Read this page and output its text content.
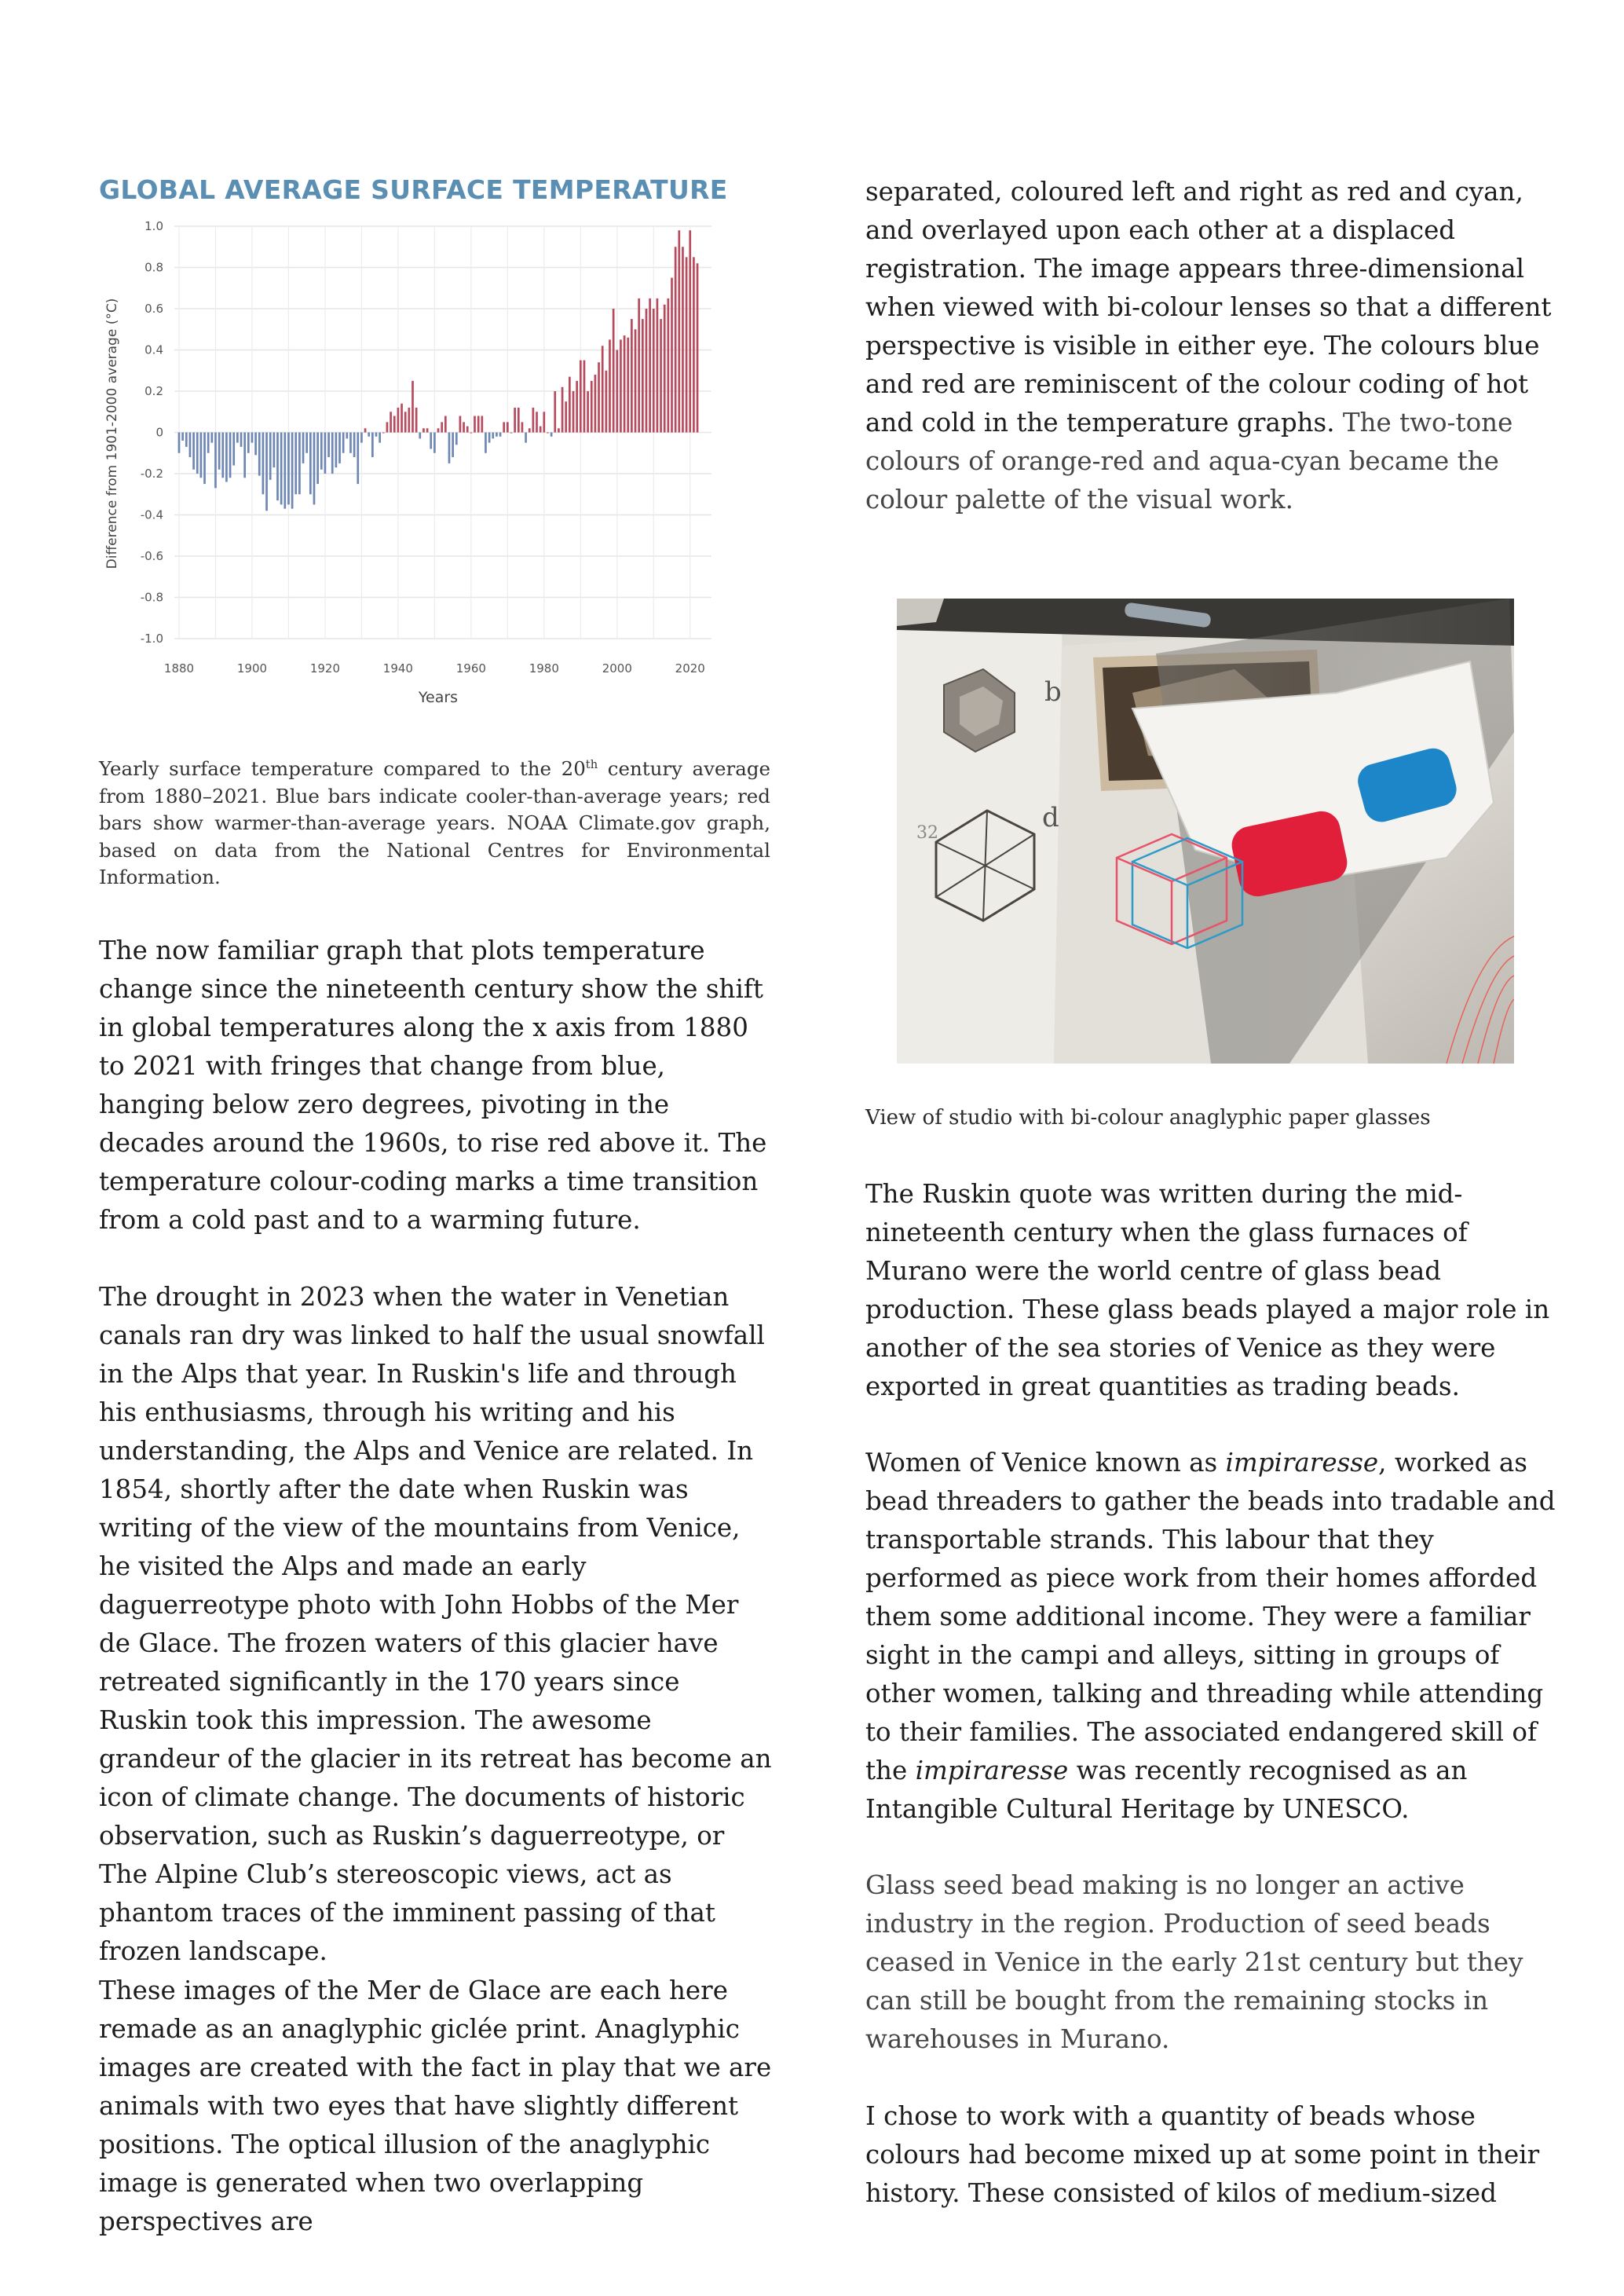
GLOBAL AVERAGE SURFACE TEMPERATURE
1.0
0.8
0.6
0.4
0.2
0
-0.2
-0.4
-0.6
-0.8
-1.0
1880	1900	1920	1940	1960	1980	2000	2020
Difference from 1901-2000 average (°C)
Years

Yearly surface temperature compared to the 20th century average from 1880–2021. Blue bars indicate cooler-than-average years; red bars show warmer-than-average years. NOAA Climate.gov graph, based on data from the National Centres for Environmental Information.

The now familiar graph that plots temperature change since the nineteenth century show the shift in global temperatures along the x axis from 1880 to 2021 with fringes that change from blue, hanging below zero degrees, pivoting in the decades around the 1960s, to rise red above it. The temperature colour-coding marks a time transition from a cold past and to a warming future.

The drought in 2023 when the water in Venetian canals ran dry was linked to half the usual snowfall in the Alps that year. In Ruskin's life and through his enthusiasms, through his writing and his understanding, the Alps and Venice are related. In 1854, shortly after the date when Ruskin was writing of the view of the mountains from Venice, he visited the Alps and made an early daguerreotype photo with John Hobbs of the Mer de Glace. The frozen waters of this glacier have retreated significantly in the 170 years since Ruskin took this impression. The awesome grandeur of the glacier in its retreat has become an icon of climate change. The documents of historic observation, such as Ruskin’s daguerreotype, or The Alpine Club’s stereoscopic views, act as phantom traces of the imminent passing of that frozen landscape.

These images of the Mer de Glace are each here remade as an anaglyphic giclée print. Anaglyphic images are created with the fact in play that we are animals with two eyes that have slightly different positions. The optical illusion of the anaglyphic image is generated when two overlapping perspectives are

separated, coloured left and right as red and cyan, and overlayed upon each other at a displaced registration. The image appears three-dimensional when viewed with bi-colour lenses so that a different perspective is visible in either eye. The colours blue and red are reminiscent of the colour coding of hot and cold in the temperature graphs. The two-tone colours of orange-red and aqua-cyan became the colour palette of the visual work.

b
d
32

View of studio with bi-colour anaglyphic paper glasses

The Ruskin quote was written during the mid-nineteenth century when the glass furnaces of Murano were the world centre of glass bead production. These glass beads played a major role in another of the sea stories of Venice as they were exported in great quantities as trading beads.

Women of Venice known as impiraresse, worked as bead threaders to gather the beads into tradable and transportable strands. This labour that they performed as piece work from their homes afforded them some additional income. They were a familiar sight in the campi and alleys, sitting in groups of other women, talking and threading while attending to their families. The associated endangered skill of the impiraresse was recently recognised as an Intangible Cultural Heritage by UNESCO.

Glass seed bead making is no longer an active industry in the region. Production of seed beads ceased in Venice in the early 21st century but they can still be bought from the remaining stocks in warehouses in Murano.

I chose to work with a quantity of beads whose colours had become mixed up at some point in their history. These consisted of kilos of medium-sized
